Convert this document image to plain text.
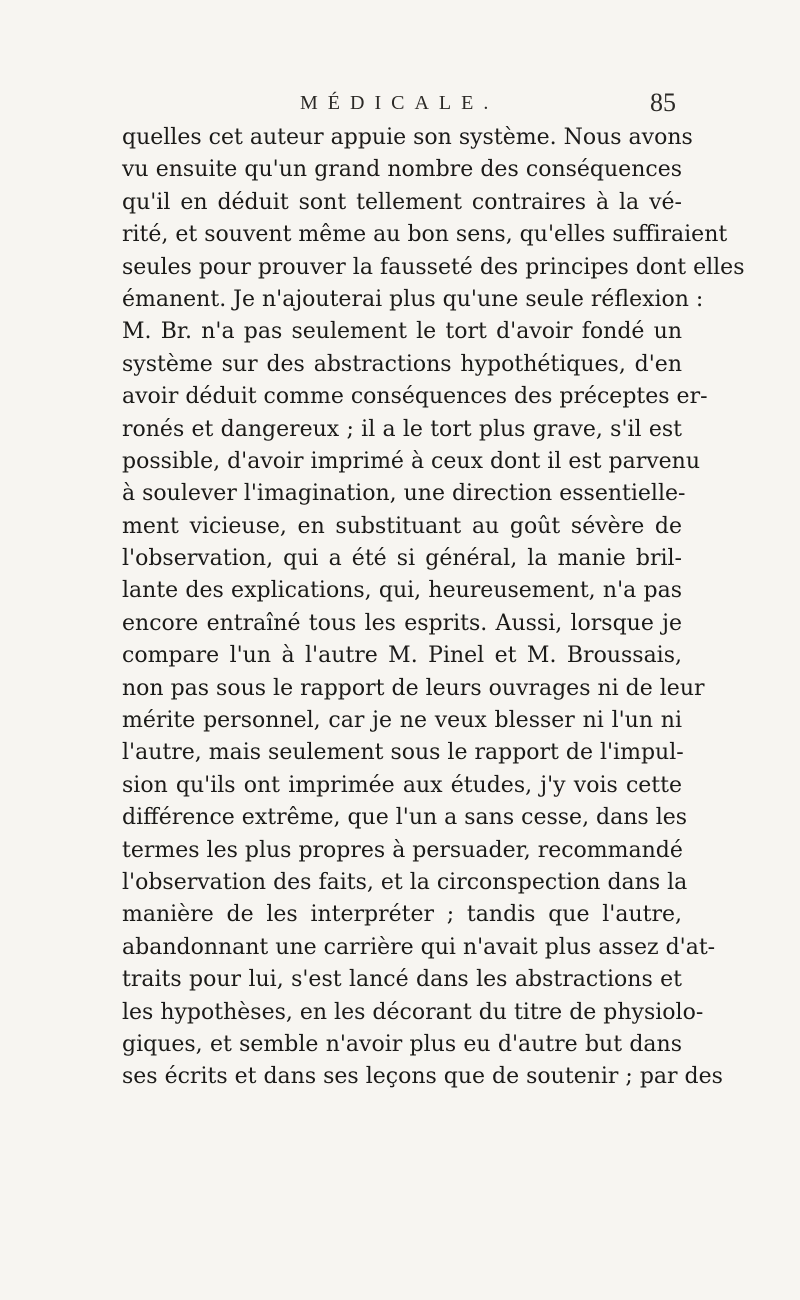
MÉDICALE.	85
quelles cet auteur appuie son système. Nous avons
vu ensuite qu'un grand nombre des conséquences
qu'il en déduit sont tellement contraires à la vé-
rité, et souvent même au bon sens, qu'elles suffiraient
seules pour prouver la fausseté des principes dont elles
émanent. Je n'ajouterai plus qu'une seule réflexion :
M. Br. n'a pas seulement le tort d'avoir fondé un
système sur des abstractions hypothétiques, d'en
avoir déduit comme conséquences des préceptes er-
ronés et dangereux ; il a le tort plus grave, s'il est
possible, d'avoir imprimé à ceux dont il est parvenu
à soulever l'imagination, une direction essentielle-
ment vicieuse, en substituant au goût sévère de
l'observation, qui a été si général, la manie bril-
lante des explications, qui, heureusement, n'a pas
encore entraîné tous les esprits. Aussi, lorsque je
compare l'un à l'autre M. Pinel et M. Broussais,
non pas sous le rapport de leurs ouvrages ni de leur
mérite personnel, car je ne veux blesser ni l'un ni
l'autre, mais seulement sous le rapport de l'impul-
sion qu'ils ont imprimée aux études, j'y vois cette
différence extrême, que l'un a sans cesse, dans les
termes les plus propres à persuader, recommandé
l'observation des faits, et la circonspection dans la
manière de les interpréter ; tandis que l'autre,
abandonnant une carrière qui n'avait plus assez d'at-
traits pour lui, s'est lancé dans les abstractions et
les hypothèses, en les décorant du titre de physiolo-
giques, et semble n'avoir plus eu d'autre but dans
ses écrits et dans ses leçons que de soutenir ; par des
